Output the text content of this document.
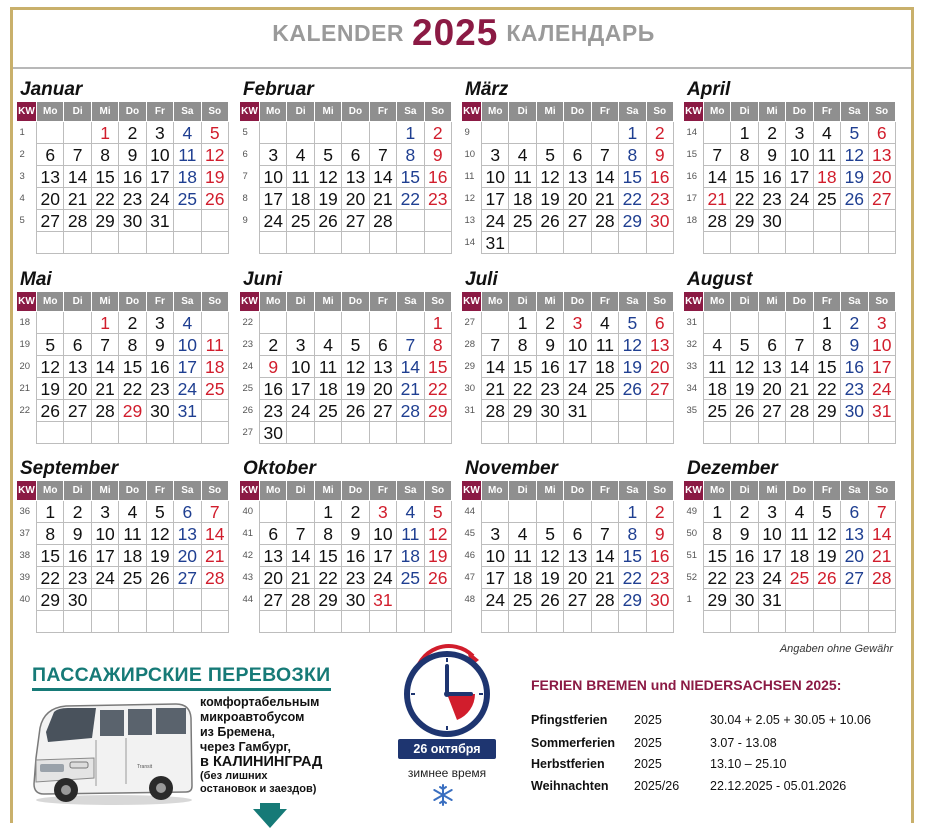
KALENDER 2025 КАЛЕНДАРЬ
Januar
KW	Mo	Di	Mi	Do	Fr	Sa	So
1			1	2	3	4	5
2	6	7	8	9	10	11	12
3	13	14	15	16	17	18	19
4	20	21	22	23	24	25	26
5	27	28	29	30	31		

Februar
KW	Mo	Di	Mi	Do	Fr	Sa	So
5						1	2
6	3	4	5	6	7	8	9
7	10	11	12	13	14	15	16
8	17	18	19	20	21	22	23
9	24	25	26	27	28		

März
KW	Mo	Di	Mi	Do	Fr	Sa	So
9						1	2
10	3	4	5	6	7	8	9
11	10	11	12	13	14	15	16
12	17	18	19	20	21	22	23
13	24	25	26	27	28	29	30
14	31						
April
KW	Mo	Di	Mi	Do	Fr	Sa	So
14		1	2	3	4	5	6
15	7	8	9	10	11	12	13
16	14	15	16	17	18	19	20
17	21	22	23	24	25	26	27
18	28	29	30				

Mai
KW	Mo	Di	Mi	Do	Fr	Sa	So
18			1	2	3	4	
19	5	6	7	8	9	10	11
20	12	13	14	15	16	17	18
21	19	20	21	22	23	24	25
22	26	27	28	29	30	31	

Juni
KW	Mo	Di	Mi	Do	Fr	Sa	So
22							1
23	2	3	4	5	6	7	8
24	9	10	11	12	13	14	15
25	16	17	18	19	20	21	22
26	23	24	25	26	27	28	29
27	30						
Juli
KW	Mo	Di	Mi	Do	Fr	Sa	So
27		1	2	3	4	5	6
28	7	8	9	10	11	12	13
29	14	15	16	17	18	19	20
30	21	22	23	24	25	26	27
31	28	29	30	31			

August
KW	Mo	Di	Mi	Do	Fr	Sa	So
31					1	2	3
32	4	5	6	7	8	9	10
33	11	12	13	14	15	16	17
34	18	19	20	21	22	23	24
35	25	26	27	28	29	30	31

September
KW	Mo	Di	Mi	Do	Fr	Sa	So
36	1	2	3	4	5	6	7
37	8	9	10	11	12	13	14
38	15	16	17	18	19	20	21
39	22	23	24	25	26	27	28
40	29	30					

Oktober
KW	Mo	Di	Mi	Do	Fr	Sa	So
40			1	2	3	4	5
41	6	7	8	9	10	11	12
42	13	14	15	16	17	18	19
43	20	21	22	23	24	25	26
44	27	28	29	30	31		

November
KW	Mo	Di	Mi	Do	Fr	Sa	So
44						1	2
45	3	4	5	6	7	8	9
46	10	11	12	13	14	15	16
47	17	18	19	20	21	22	23
48	24	25	26	27	28	29	30

Dezember
KW	Mo	Di	Mi	Do	Fr	Sa	So
49	1	2	3	4	5	6	7
50	8	9	10	11	12	13	14
51	15	16	17	18	19	20	21
52	22	23	24	25	26	27	28
1	29	30	31				

Angaben ohne Gewähr
ПАССАЖИРСКИЕ ПЕРЕВОЗКИ
Transit
комфортабельным
микроавтобусом
из Бремена,
через Гамбург,
в КАЛИНИНГРАД
(без лишних
остановок и заездов)
26 октября
зимнее время
FERIEN BREMEN und NIEDERSACHSEN 2025:
Pfingstferien 2025	30.04 + 2.05 + 30.05 + 10.06
Sommerferien 2025	3.07 - 13.08
Herbstferien 2025	13.10 – 25.10
Weihnachten 2025/26 22.12.2025 - 05.01.2026
